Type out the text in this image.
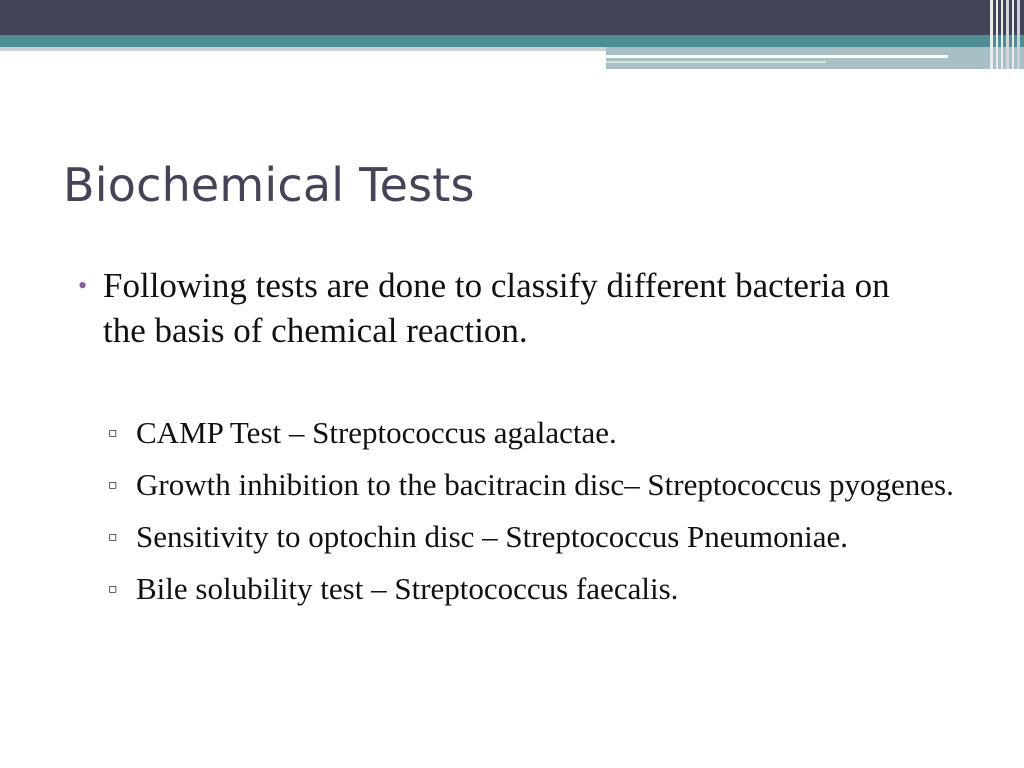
Biochemical Tests
• Following tests are done to classify different bacteria on the basis of chemical reaction.
▫ CAMP Test – Streptococcus agalactae.
▫ Growth inhibition to the bacitracin disc– Streptococcus pyogenes.
▫ Sensitivity to optochin disc – Streptococcus Pneumoniae.
▫ Bile solubility test – Streptococcus faecalis.
